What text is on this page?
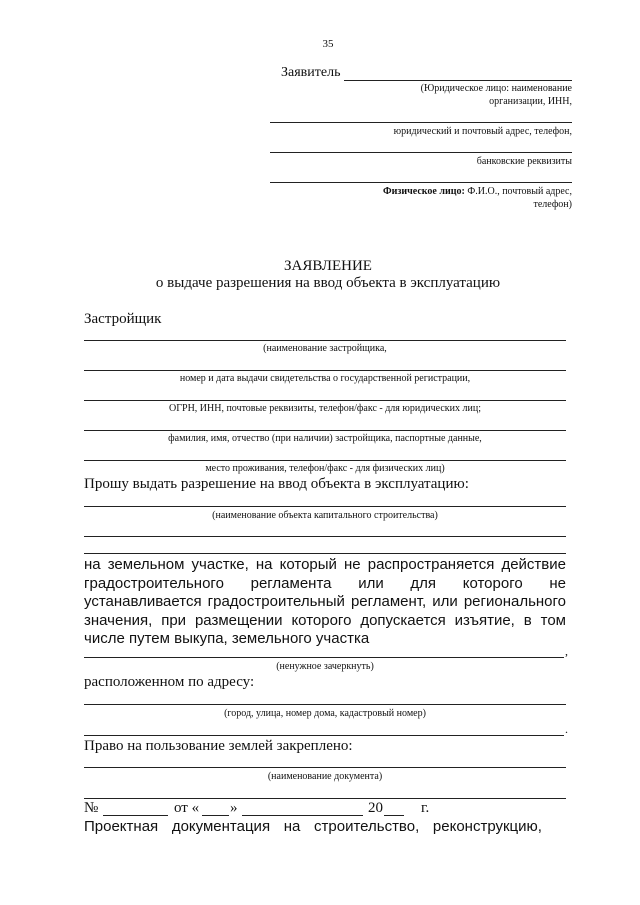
35
Заявитель
(Юридическое лицо: наименование
организации, ИНН,
юридический и почтовый адрес, телефон,
банковские реквизиты
Физическое лицо: Ф.И.О., почтовый адрес,
телефон)
ЗАЯВЛЕНИЕ
о выдаче разрешения на ввод объекта в эксплуатацию
Застройщик
(наименование застройщика,
номер и дата выдачи свидетельства о государственной регистрации,
ОГРН, ИНН, почтовые реквизиты, телефон/факс - для юридических лиц;
фамилия, имя, отчество (при наличии) застройщика, паспортные данные,
место проживания, телефон/факс - для физических лиц)
Прошу выдать разрешение на ввод объекта в эксплуатацию:
(наименование объекта капитального строительства)
на земельном участке, на который не распространяется действие градостроительного регламента или для которого не устанавливается градостроительный регламент, или регионального значения, при размещении которого допускается изъятие, в том числе путем выкупа, земельного участка
,
(ненужное зачеркнуть)
расположенном по адресу:
(город, улица, номер дома, кадастровый номер)
.
Право на пользование землей закреплено:
(наименование документа)
№	от « »	20	г.
Проектная документация на строительство, реконструкцию,
